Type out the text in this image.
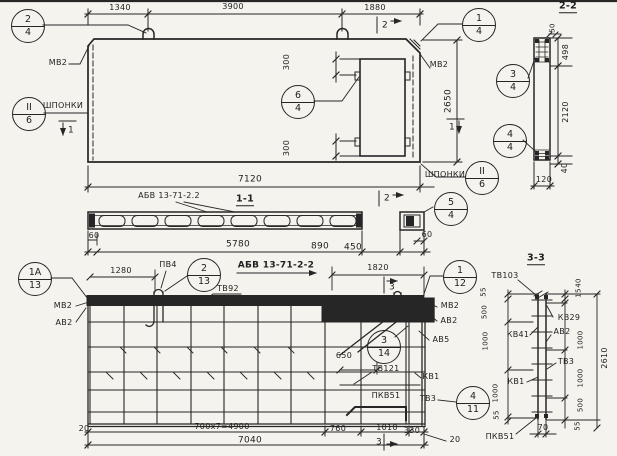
1340	3900	1880
МВ2	МВ2
ШПОНКИ
ШПОНКИ
2650
7120
300
300
1	1
2
1-1
АБВ 13-71-2.2
60
5780	890 450
60
2
2-2
50
498
2120
40
120
АБВ 13-71-2-2
1280
ПВ4
ТВ92
МВ2
АВ2
1820
3
МВ2
АВ2
АВ5
650
ТВ121
КВ1
ПКВ51 ТВ3
20	700х7=4900	760	1010 330
20
7040	3
3-3
ТВ103
КВ29
КВ41	АВ2
ТВ3
КВ1
ПКВ51
70
55
500
1000
1000
55
40
15
1000
1000
500
55
2610
2
4
1
4
6
4
II
6
II
6
5
4
3
4
4
4
1А
13
2
13
1
12
3
14
4
11
